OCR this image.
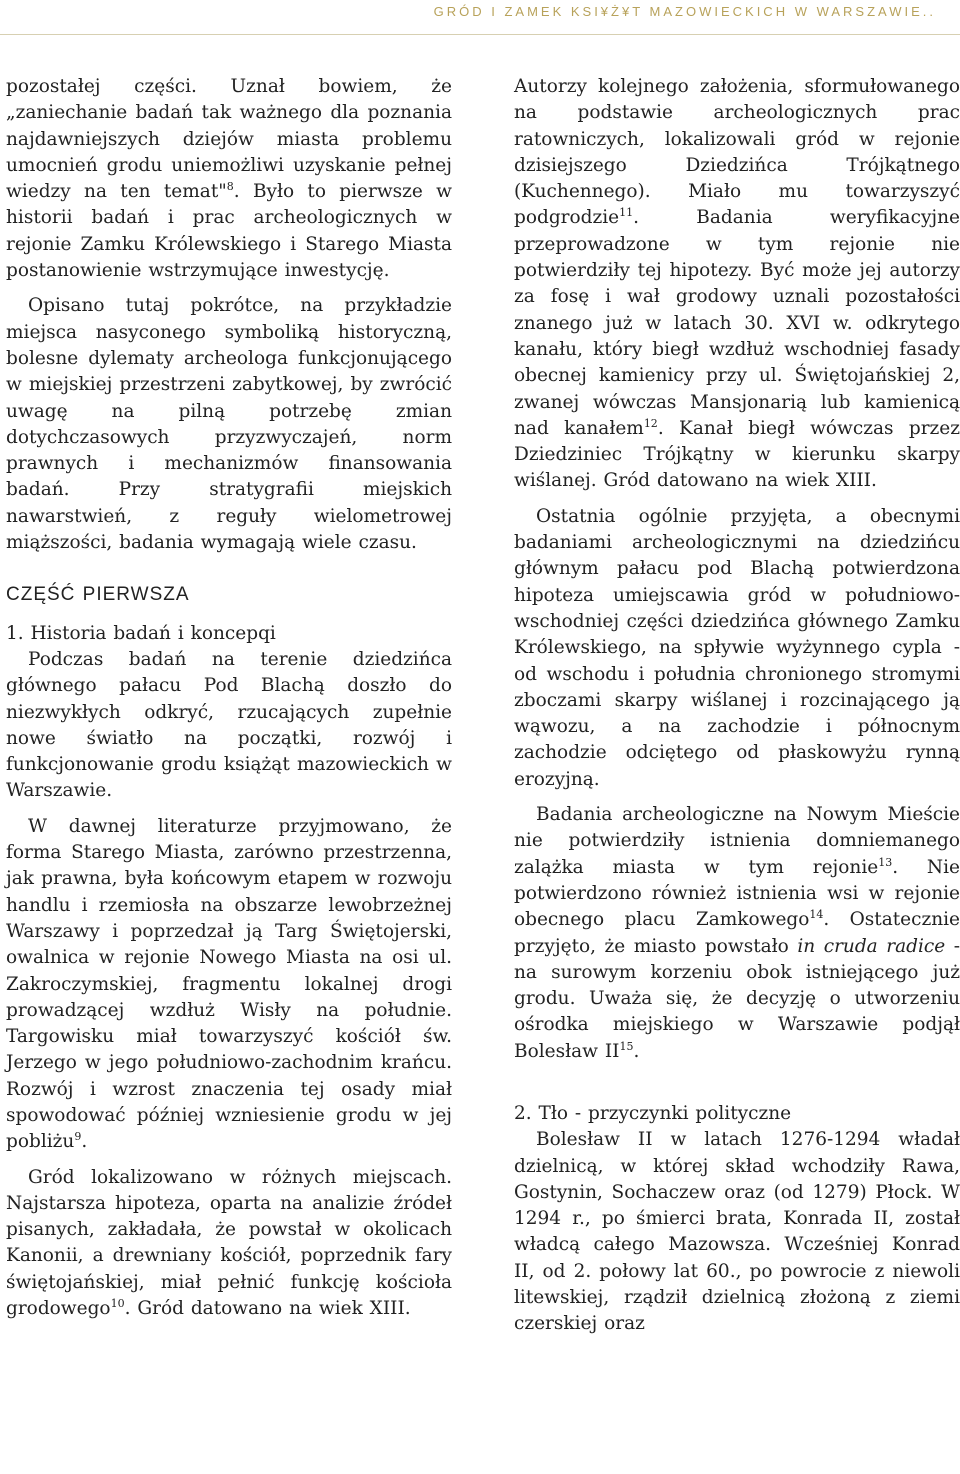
GRÓD I ZAMEK KSI¥Ż¥T MAZOWIECKICH W WARSZAWIE..

pozostałej części. Uznał bowiem, że „zaniechanie badań tak ważnego dla poznania najdawniejszych dziejów miasta problemu umocnień grodu uniemożliwi uzyskanie pełnej wiedzy na ten temat"$^8$. Było to pierwsze w historii badań i prac archeologicznych w rejonie Zamku Królewskiego i Starego Miasta postanowienie wstrzymujące inwestycję.

Opisano tutaj pokrótce, na przykładzie miejsca nasyconego symboliką historyczną, bolesne dylematy archeologa funkcjonującego w miejskiej przestrzeni zabytkowej, by zwrócić uwagę na pilną potrzebę zmian dotychczasowych przyzwyczajeń, norm prawnych i mechanizmów finansowania badań. Przy stratygrafii miejskich nawarstwień, z reguły wielometrowej miąższości, badania wymagają wiele czasu.

CZĘŚĆ PIERWSZA

1. Historia badań i koncepqi

Podczas badań na terenie dziedzińca głównego pałacu Pod Blachą doszło do niezwykłych odkryć, rzucających zupełnie nowe światło na początki, rozwój i funkcjonowanie grodu książąt mazowieckich w Warszawie.

W dawnej literaturze przyjmowano, że forma Starego Miasta, zarówno przestrzenna, jak prawna, była końcowym etapem w rozwoju handlu i rzemiosła na obszarze lewobrzeżnej Warszawy i poprzedzał ją Targ Świętojerski, owalnica w rejonie Nowego Miasta na osi ul. Zakroczymskiej, fragmentu lokalnej drogi prowadzącej wzdłuż Wisły na południe. Targowisku miał towarzyszyć kościół św. Jerzego w jego południowo-zachodnim krańcu. Rozwój i wzrost znaczenia tej osady miał spowodować później wzniesienie grodu w jej pobliżu$^9$.

Gród lokalizowano w różnych miejscach. Najstarsza hipoteza, oparta na analizie źródeł pisanych, zakładała, że powstał w okolicach Kanonii, a drewniany kościół, poprzednik fary świętojańskiej, miał pełnić funkcję kościoła grodowego$^{10}$. Gród datowano na wiek XIII.

Autorzy kolejnego założenia, sformułowanego na podstawie archeologicznych prac ratowniczych, lokalizowali gród w rejonie dzisiejszego Dziedzińca Trójkątnego (Kuchennego). Miało mu towarzyszyć podgrodzie$^{11}$. Badania weryfikacyjne przeprowadzone w tym rejonie nie potwierdziły tej hipotezy. Być może jej autorzy za fosę i wał grodowy uznali pozostałości znanego już w latach 30. XVI w. odkrytego kanału, który biegł wzdłuż wschodniej fasady obecnej kamienicy przy ul. Świętojańskiej 2, zwanej wówczas Mansjonarią lub kamienicą nad kanałem$^{12}$. Kanał biegł wówczas przez Dziedziniec Trójkątny w kierunku skarpy wiślanej. Gród datowano na wiek XIII.

Ostatnia ogólnie przyjęta, a obecnymi badaniami archeologicznymi na dziedzińcu głównym pałacu pod Blachą potwierdzona hipoteza umiejscawia gród w południowo-wschodniej części dziedzińca głównego Zamku Królewskiego, na spływie wyżynnego cypla - od wschodu i południa chronionego stromymi zboczami skarpy wiślanej i rozcinającego ją wąwozu, a na zachodzie i północnym zachodzie odciętego od płaskowyżu rynną erozyjną.

Badania archeologiczne na Nowym Mieście nie potwierdziły istnienia domniemanego zalążka miasta w tym rejonie$^{13}$. Nie potwierdzono również istnienia wsi w rejonie obecnego placu Zamkowego$^{14}$. Ostatecznie przyjęto, że miasto powstało in cruda radice - na surowym korzeniu obok istniejącego już grodu. Uważa się, że decyzję o utworzeniu ośrodka miejskiego w Warszawie podjął Bolesław II$^{15}$.

2. Tło - przyczynki polityczne

Bolesław II w latach 1276-1294 władał dzielnicą, w której skład wchodziły Rawa, Gostynin, Sochaczew oraz (od 1279) Płock. W 1294 r., po śmierci brata, Konrada II, został władcą całego Mazowsza. Wcześniej Konrad II, od 2. połowy lat 60., po powrocie z niewoli litewskiej, rządził dzielnicą złożoną z ziemi czerskiej oraz
